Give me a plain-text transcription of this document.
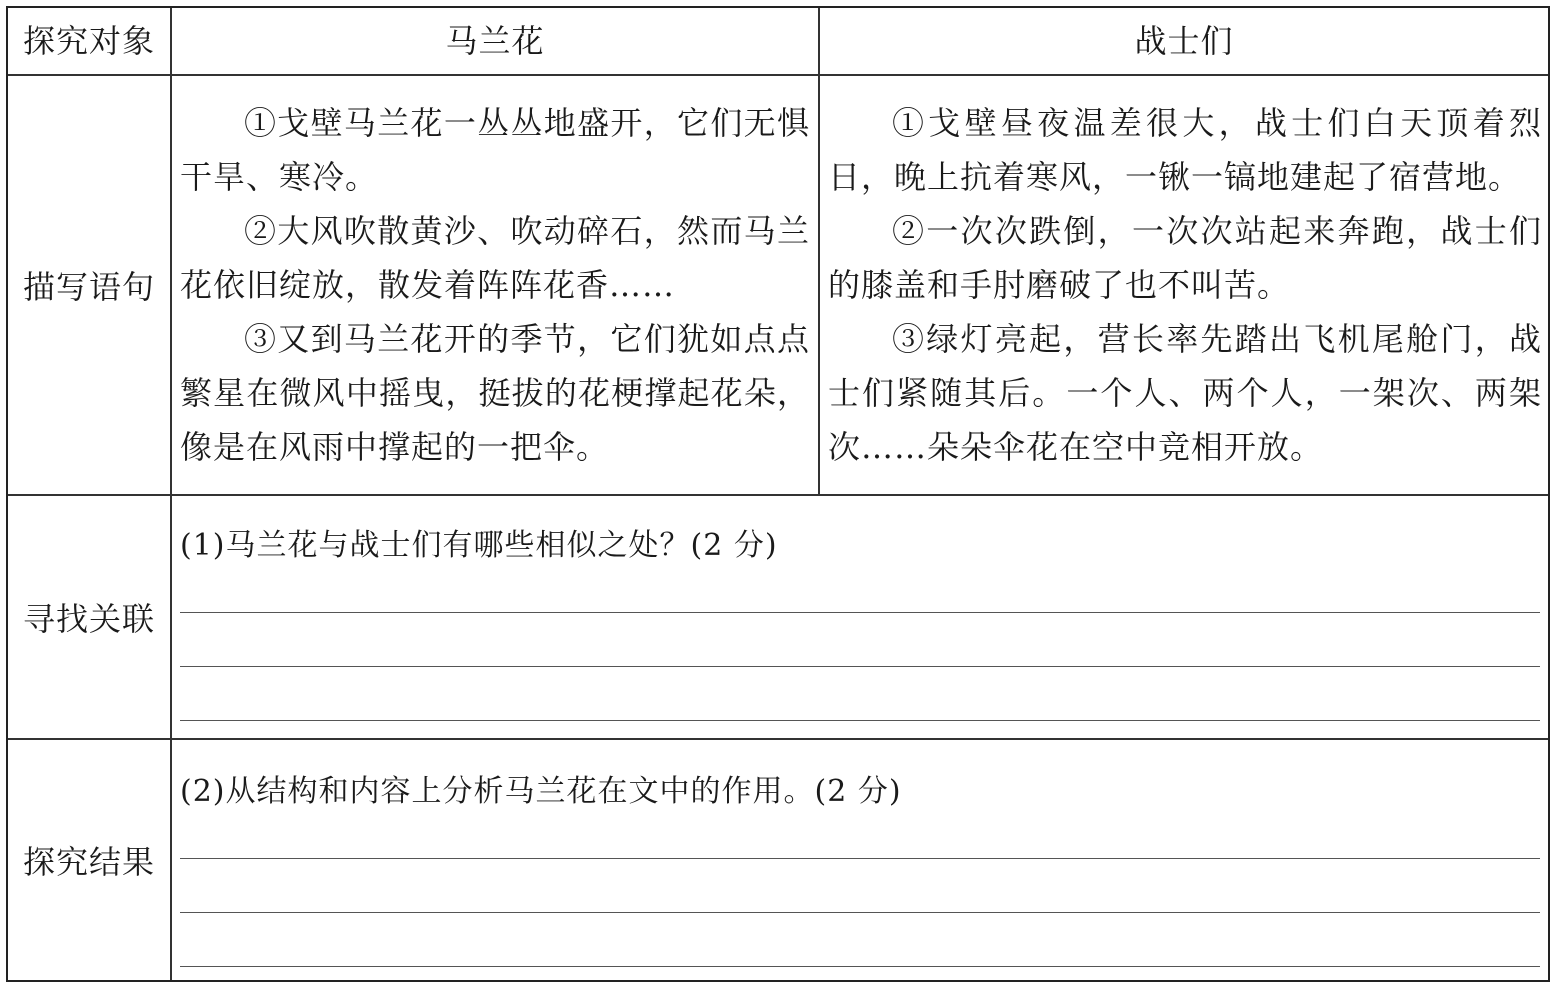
探究对象	马兰花	战士们
描写语句

①戈壁马兰花一丛丛地盛开，它们无惧干旱、寒冷。

②大风吹散黄沙、吹动碎石，然而马兰花依旧绽放，散发着阵阵花香……

③又到马兰花开的季节，它们犹如点点繁星在微风中摇曳，挺拔的花梗撑起花朵，像是在风雨中撑起的一把伞。

①戈壁昼夜温差很大，战士们白天顶着烈日，晚上抗着寒风，一锹一镐地建起了宿营地。

②一次次跌倒，一次次站起来奔跑，战士们的膝盖和手肘磨破了也不叫苦。

③绿灯亮起，营长率先踏出飞机尾舱门，战士们紧随其后。一个人、两个人，一架次、两架次……朵朵伞花在空中竞相开放。

寻找关联
(1)马兰花与战士们有哪些相似之处？(2 分)
探究结果
(2)从结构和内容上分析马兰花在文中的作用。(2 分)
